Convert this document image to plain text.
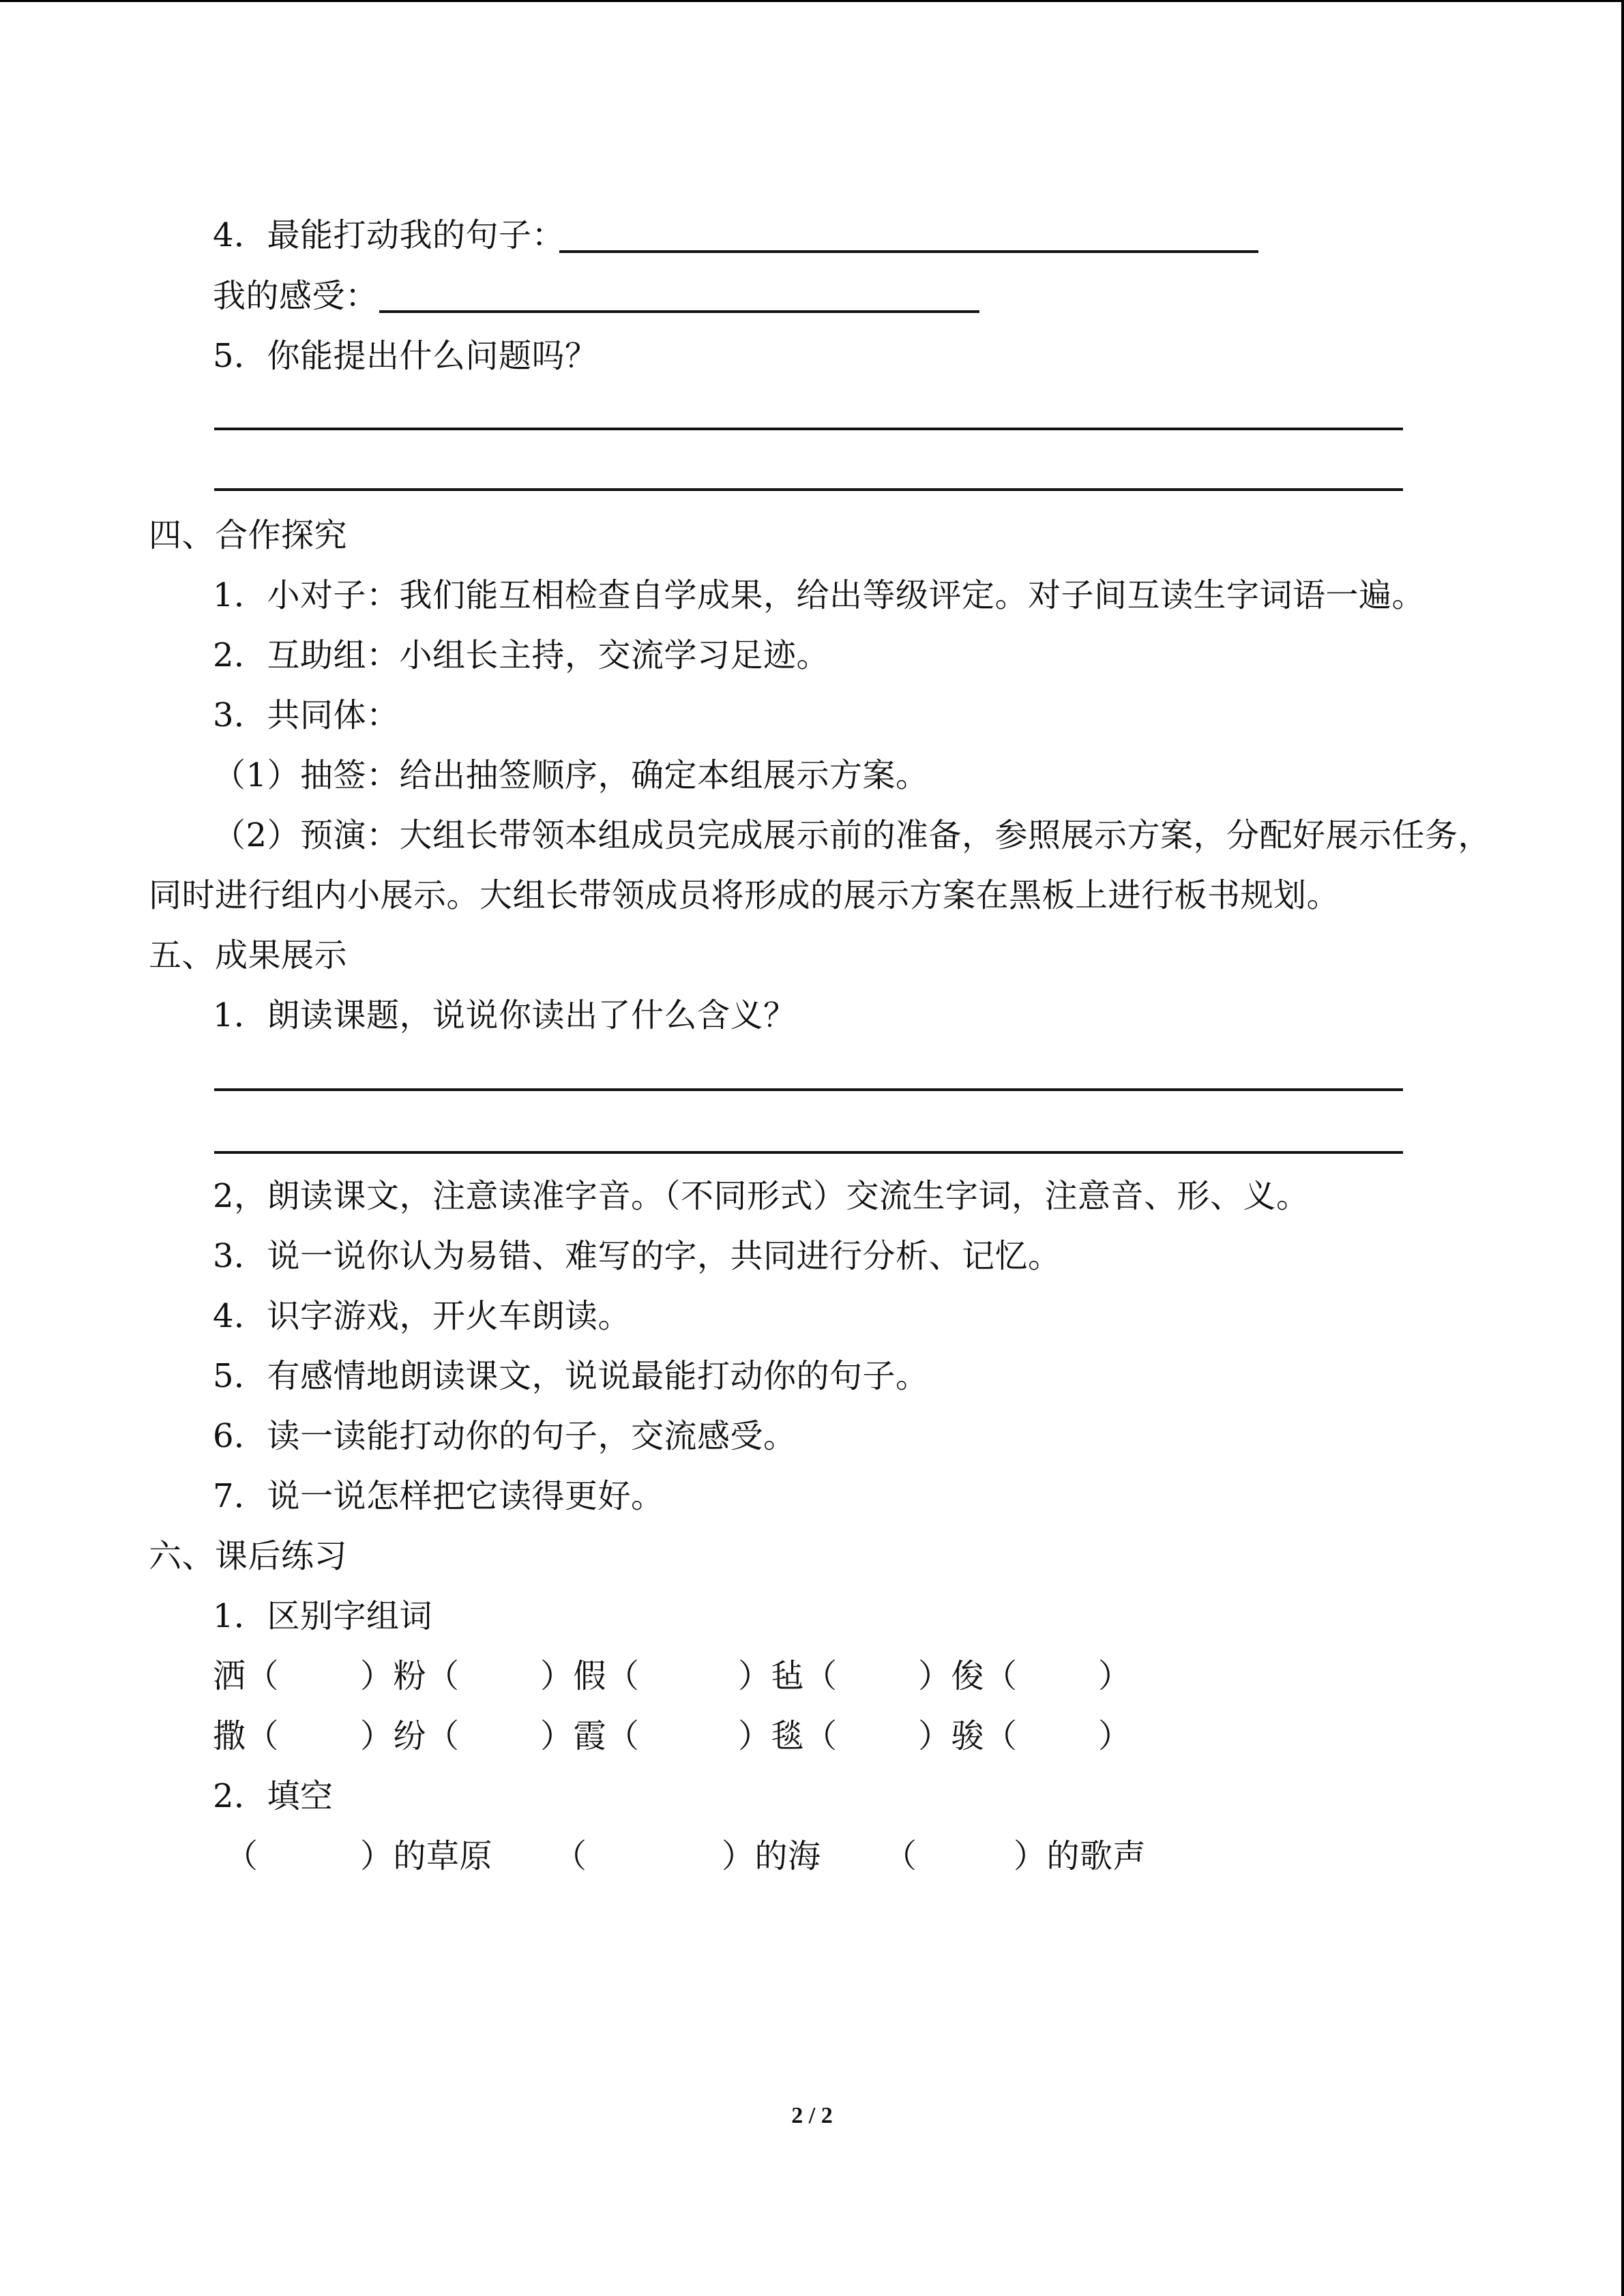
4．最能打动我的句子：
我的感受：
5．你能提出什么问题吗？
四、合作探究
1．小对子：我们能互相检查自学成果，给出等级评定。对子间互读生字词语一遍。
2．互助组：小组长主持，交流学习足迹。
3．共同体：
（1）抽签：给出抽签顺序，确定本组展示方案。
（2）预演：大组长带领本组成员完成展示前的准备，参照展示方案，分配好展示任务，
同时进行组内小展示。大组长带领成员将形成的展示方案在黑板上进行板书规划。
五、成果展示
1．朗读课题，说说你读出了什么含义？
2，朗读课文，注意读准字音。（不同形式）交流生字词，注意音、形、义。
3．说一说你认为易错、难写的字，共同进行分析、记忆。
4．识字游戏，开火车朗读。
5．有感情地朗读课文，说说最能打动你的句子。
6．读一读能打动你的句子，交流感受。
7．说一说怎样把它读得更好。
六、课后练习
1．区别字组词
洒（ ）粉（ ）假（	）毡（ ）俊（ ）
撒（ ）纷（ ）霞（	）毯（ ）骏（ ）
2．填空
（	）的草原 （	）的海 （	）的歌声
2 / 2
